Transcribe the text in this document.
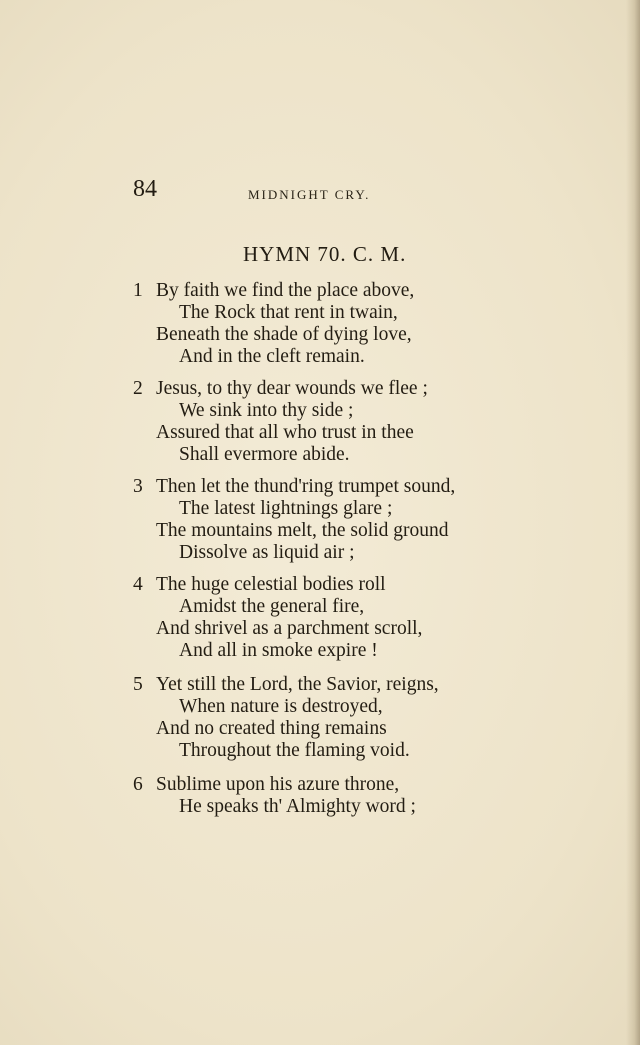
84	MIDNIGHT CRY.
HYMN 70. C. M.
1 By faith we find the place above,
The Rock that rent in twain,
Beneath the shade of dying love,
And in the cleft remain.
2 Jesus, to thy dear wounds we flee ;
We sink into thy side ;
Assured that all who trust in thee
Shall evermore abide.
3 Then let the thund'ring trumpet sound,
The latest lightnings glare ;
The mountains melt, the solid ground
Dissolve as liquid air ;
4 The huge celestial bodies roll
Amidst the general fire,
And shrivel as a parchment scroll,
And all in smoke expire !
5 Yet still the Lord, the Savior, reigns,
When nature is destroyed,
And no created thing remains
Throughout the flaming void.
6 Sublime upon his azure throne,
He speaks th' Almighty word ;
